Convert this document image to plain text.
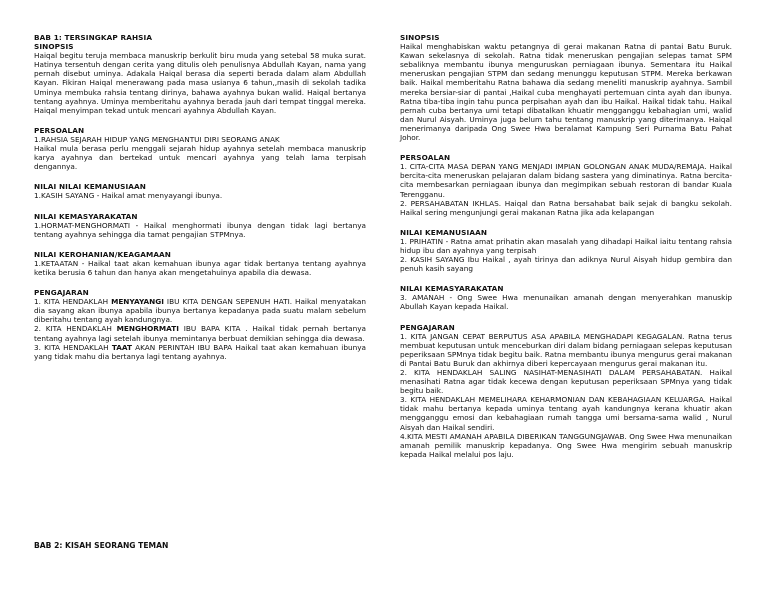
BAB 1: TERSINGKAP RAHSIA
SINOPSIS
Haiqal begitu teruja membaca manuskrip berkulit biru muda yang setebal 58 muka surat. Hatinya tersentuh dengan cerita yang ditulis oleh penulisnya Abdullah Kayan, nama yang pernah disebut uminya. Adakala Haiqal berasa dia seperti berada dalam alam Abdullah Kayan. Fikiran Haiqal menerawang pada masa usianya 6 tahun,,masih di sekolah tadika Uminya membuka rahsia tentang dirinya, bahawa ayahnya bukan walid. Haiqal bertanya tentang ayahnya. Uminya memberitahu ayahnya berada jauh dari tempat tinggal mereka. Haiqal menyimpan tekad untuk mencari ayahnya Abdullah Kayan.
PERSOALAN
1.RAHSIA SEJARAH HIDUP YANG MENGHANTUI DIRI SEORANG ANAK
Haikal mula berasa perlu menggali sejarah hidup ayahnya setelah membaca manuskrip karya ayahnya dan bertekad untuk mencari ayahnya yang telah lama terpisah dengannya.
NILAI NILAI KEMANUSIAAN
1.KASIH SAYANG - Haikal amat menyayangi ibunya.
NILAI KEMASYARAKATAN
1.HORMAT-MENGHORMATI - Haikal menghormati ibunya dengan tidak lagi bertanya tentang ayahnya sehingga dia tamat pengajian STPMnya.
NILAI KEROHANIAN/KEAGAMAAN
1.KETAATAN - Haikal taat akan kemahuan ibunya agar tidak bertanya tentang ayahnya ketika berusia 6 tahun dan hanya akan mengetahuinya apabila dia dewasa.
PENGAJARAN
1. KITA HENDAKLAH MENYAYANGI IBU KITA DENGAN SEPENUH HATI. Haikal menyatakan dia sayang akan ibunya apabila ibunya bertanya kepadanya pada suatu malam sebelum diberitahu tentang ayah kandungnya.
2. KITA HENDAKLAH MENGHORMATI IBU BAPA KITA . Haikal tidak pernah bertanya tentang ayahnya lagi setelah ibunya memintanya berbuat demikian sehingga dia dewasa.
3. KITA HENDAKLAH TAAT AKAN PERINTAH IBU BAPA Haikal taat akan kemahuan ibunya yang tidak mahu dia bertanya lagi tentang ayahnya.
BAB 2: KISAH SEORANG TEMAN
SINOPSIS
Haikal menghabiskan waktu petangnya di gerai makanan Ratna di pantai Batu Buruk. Kawan sekelasnya di sekolah. Ratna tidak meneruskan pengajian selepas tamat SPM sebaliknya membantu ibunya menguruskan perniagaan ibunya. Sementara itu Haikal meneruskan pengajian STPM dan sedang menunggu keputusan STPM. Mereka berkawan baik. Haikal memberitahu Ratna bahawa dia sedang meneliti manuskrip ayahnya. Sambil mereka bersiar-siar di pantai ,Haikal cuba menghayati pertemuan cinta ayah dan ibunya. Ratna tiba-tiba ingin tahu punca perpisahan ayah dan ibu Haikal. Haikal tidak tahu. Haikal pernah cuba bertanya umi tetapi dibatalkan khuatir mengganggu kebahagian umi, walid dan Nurul Aisyah. Uminya juga belum tahu tentang manuskrip yang diterimanya. Haiqal menerimanya daripada Ong Swee Hwa beralamat Kampung Seri Purnama Batu Pahat Johor.
PERSOALAN
1. CITA-CITA MASA DEPAN YANG MENJADI IMPIAN GOLONGAN ANAK MUDA/REMAJA. Haikal bercita-cita meneruskan pelajaran dalam bidang sastera yang diminatinya. Ratna bercita-cita membesarkan perniagaan ibunya dan megimpikan sebuah restoran di bandar Kuala Terengganu.
2. PERSAHABATAN IKHLAS. Haiqal dan Ratna bersahabat baik sejak di bangku sekolah. Haikal sering mengunjungi gerai makanan Ratna jika ada kelapangan
NILAI KEMANUSIAAN
1. PRIHATIN - Ratna amat prihatin akan masalah yang dihadapi Haikal iaitu tentang rahsia hidup ibu dan ayahnya yang terpisah
2. KASIH SAYANG Ibu Haikal , ayah tirinya dan adiknya Nurul Aisyah hidup gembira dan penuh kasih sayang
NILAI KEMASYARAKATAN
3. AMANAH - Ong Swee Hwa menunaikan amanah dengan menyerahkan manuskip Abullah Kayan kepada Haikal.
PENGAJARAN
1. KITA JANGAN CEPAT BERPUTUS ASA APABILA MENGHADAPI KEGAGALAN. Ratna terus membuat keputusan untuk menceburkan diri dalam bidang perniagaan selepas keputusan peperiksaan SPMnya tidak begitu baik. Ratna membantu ibunya mengurus gerai makanan di Pantai Batu Buruk dan akhirnya diberi kepercayaan mengurus gerai makanan itu.
2. KITA HENDAKLAH SALING NASIHAT-MENASIHATI DALAM PERSAHABATAN. Haikal menasihati Ratna agar tidak kecewa dengan keputusan peperiksaan SPMnya yang tidak begitu baik.
3. KITA HENDAKLAH MEMELIHARA KEHARMONIAN DAN KEBAHAGIAAN KELUARGA. Haikal tidak mahu bertanya kepada uminya tentang ayah kandungnya kerana khuatir akan mengganggu emosi dan kebahagiaan rumah tangga umi bersama-sama walid , Nurul Aisyah dan Haikal sendiri.
4.KITA MESTI AMANAH APABILA DIBERIKAN TANGGUNGJAWAB. Ong Swee Hwa menunaikan amanah pemilik manuskrip kepadanya. Ong Swee Hwa mengirim sebuah manuskrip kepada Haikal melalui pos laju.
